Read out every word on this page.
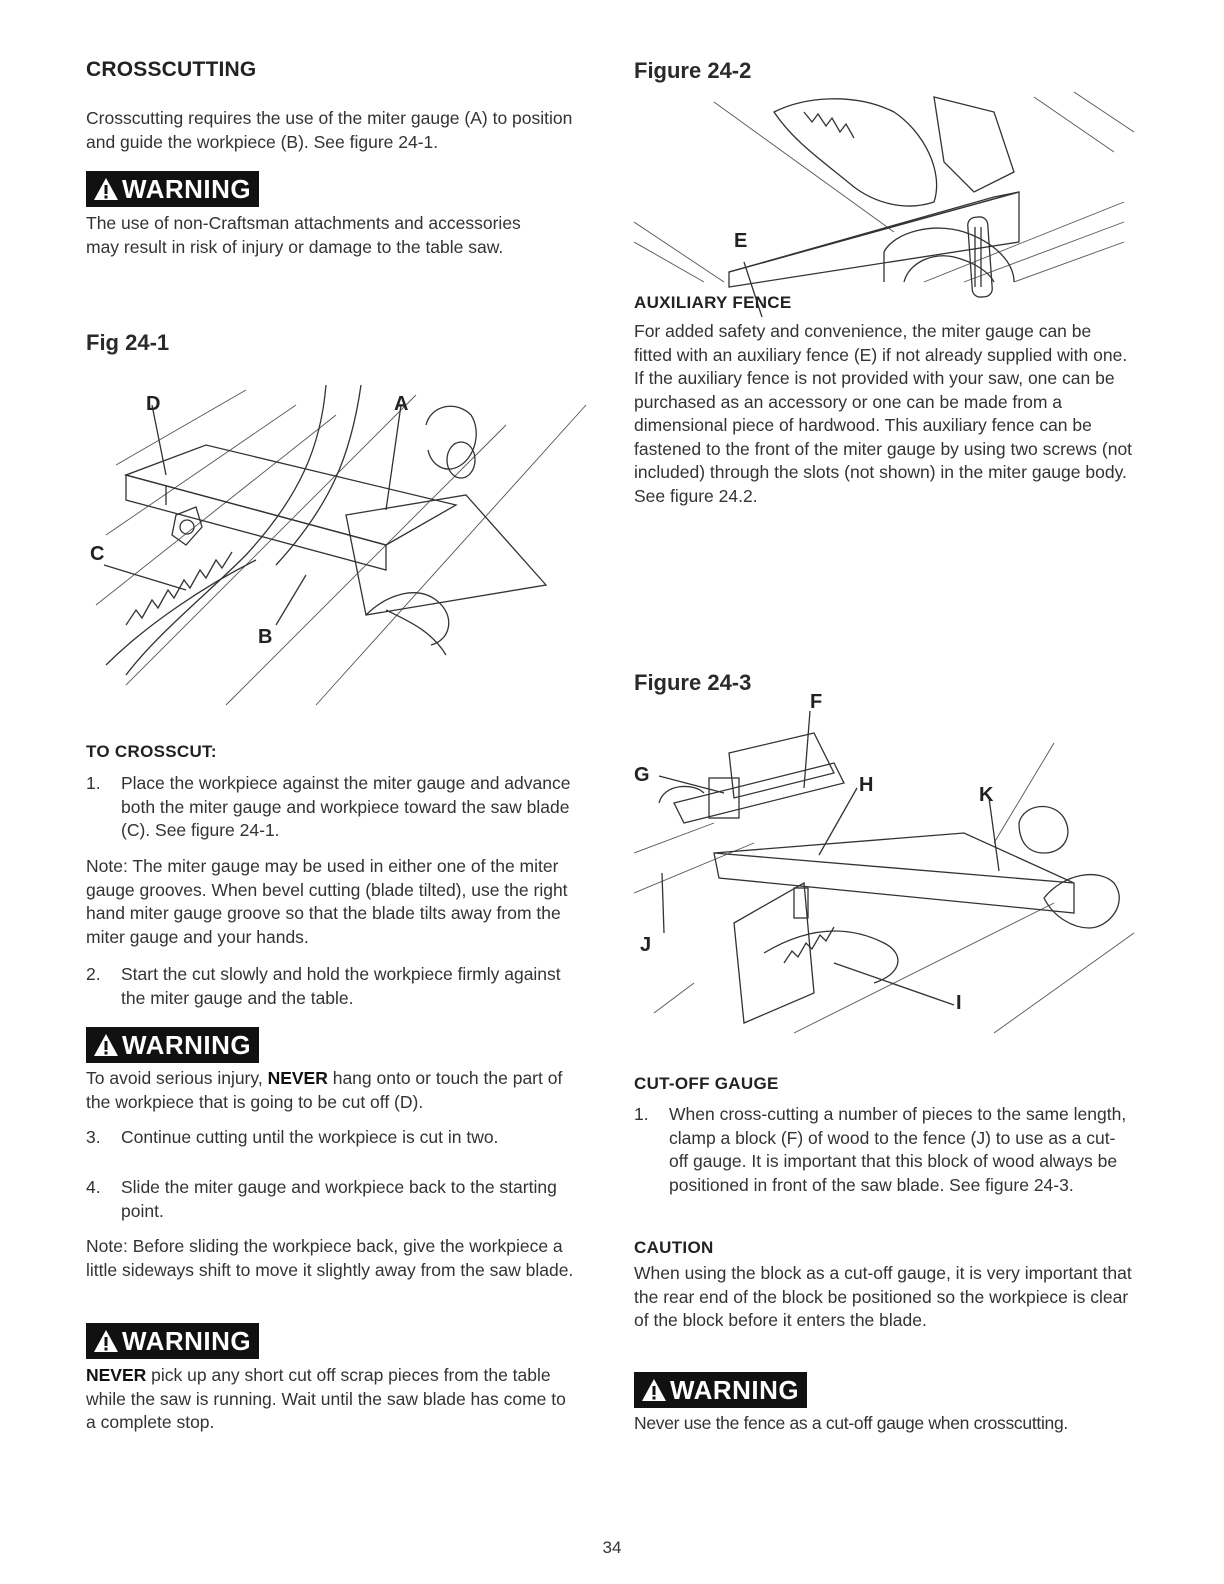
CROSSCUTTING

Crosscutting requires the use of the miter gauge (A) to position and guide the workpiece (B). See figure 24-1.

WARNING

The use of non-Craftsman attachments and accessories may result in risk of injury or damage to the table saw.

Fig 24-1
D	A
C
B
TO CROSSCUT:
1.	Place the workpiece against the miter gauge and advance both the miter gauge and workpiece toward the saw blade (C). See figure 24-1.

Note: The miter gauge may be used in either one of the miter gauge grooves. When bevel cutting (blade tilted), use the right hand miter gauge groove so that the blade tilts away from the miter gauge and your hands.

2.	Start the cut slowly and hold the workpiece firmly against the miter gauge and the table.
WARNING

To avoid serious injury, NEVER hang onto or touch the part of the workpiece that is going to be cut off (D).

3.	Continue cutting until the workpiece is cut in two.
4.	Slide the miter gauge and workpiece back to the starting point.

Note: Before sliding the workpiece back, give the workpiece a little sideways shift to move it slightly away from the saw blade.

WARNING

NEVER pick up any short cut off scrap pieces from the table while the saw is running. Wait until the saw blade has come to a complete stop.

Figure 24-2
E
AUXILIARY FENCE

For added safety and convenience, the miter gauge can be fitted with an auxiliary fence (E) if not already supplied with one. If the auxiliary fence is not provided with your saw, one can be purchased as an accessory or one can be made from a dimensional piece of hardwood. This auxiliary fence can be fastened to the front of the miter gauge by using two screws (not included) through the slots (not shown) in the miter gauge body. See figure 24.2.

Figure 24-3
F
G	H	K
J
I
CUT-OFF GAUGE
1.	When cross-cutting a number of pieces to the same length, clamp a block (F) of wood to the fence (J) to use as a cut-off gauge. It is important that this block of wood always be positioned in front of the saw blade. See figure 24-3.
CAUTION

When using the block as a cut-off gauge, it is very important that the rear end of the block be positioned so the workpiece is clear of the block before it enters the blade.

WARNING

Never use the fence as a cut-off gauge when crosscutting.

34
